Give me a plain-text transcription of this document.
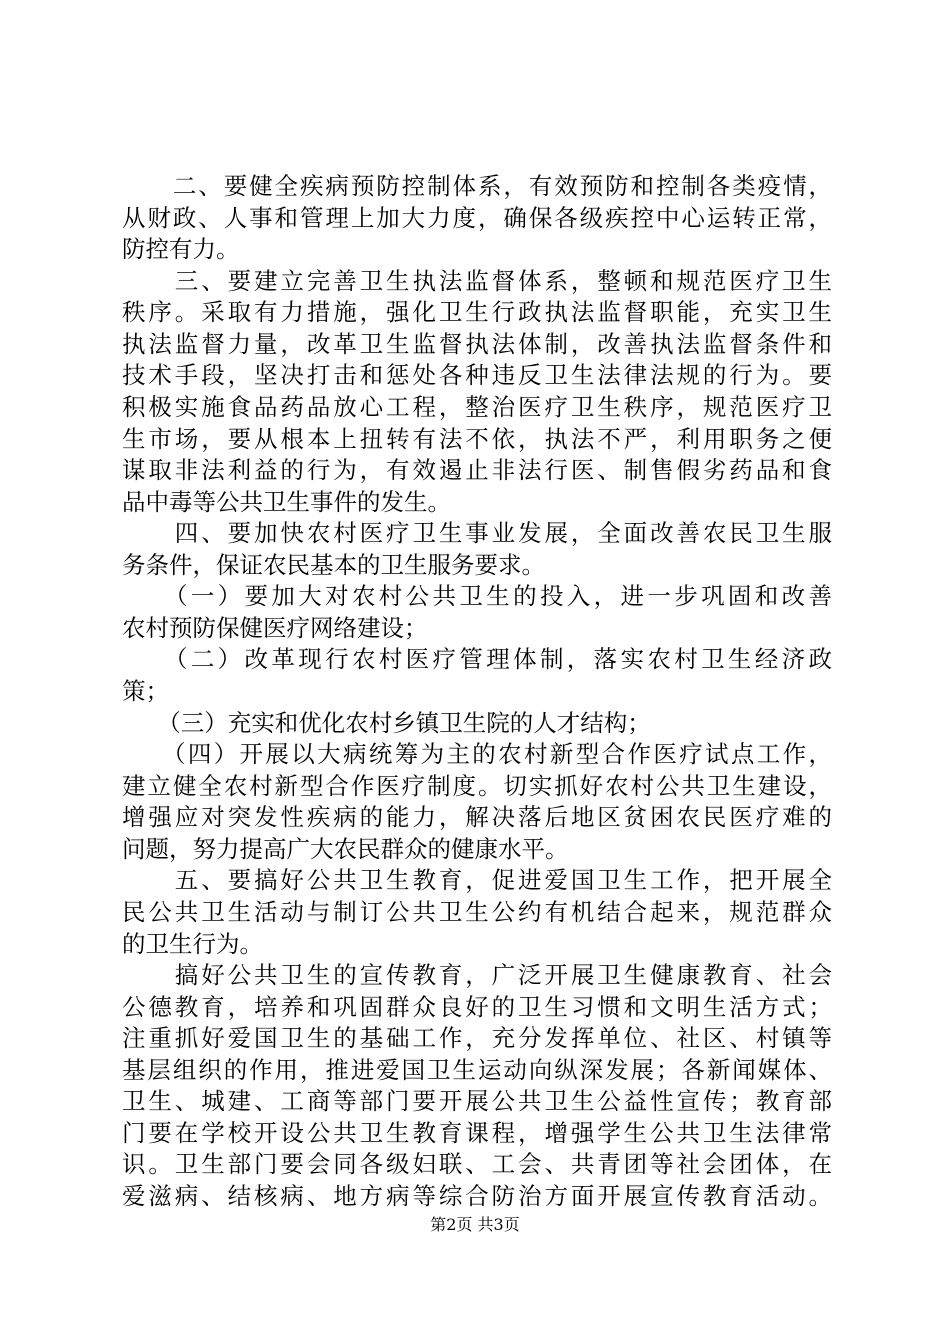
　　二、要健全疾病预防控制体系，有效预防和控制各类疫情，
从财政、人事和管理上加大力度，确保各级疾控中心运转正常，
防控有力。
　　三、要建立完善卫生执法监督体系，整顿和规范医疗卫生
秩序。采取有力措施，强化卫生行政执法监督职能，充实卫生
执法监督力量，改革卫生监督执法体制，改善执法监督条件和
技术手段，坚决打击和惩处各种违反卫生法律法规的行为。要
积极实施食品药品放心工程，整治医疗卫生秩序，规范医疗卫
生市场，要从根本上扭转有法不依，执法不严，利用职务之便
谋取非法利益的行为，有效遏止非法行医、制售假劣药品和食
品中毒等公共卫生事件的发生。
　　四、要加快农村医疗卫生事业发展，全面改善农民卫生服
务条件，保证农民基本的卫生服务要求。
　　（一）要加大对农村公共卫生的投入，进一步巩固和改善
农村预防保健医疗网络建设；
　　（二）改革现行农村医疗管理体制，落实农村卫生经济政
策；
　　（三）充实和优化农村乡镇卫生院的人才结构；
　　（四）开展以大病统筹为主的农村新型合作医疗试点工作，
建立健全农村新型合作医疗制度。切实抓好农村公共卫生建设，
增强应对突发性疾病的能力，解决落后地区贫困农民医疗难的
问题，努力提高广大农民群众的健康水平。
　　五、要搞好公共卫生教育，促进爱国卫生工作，把开展全
民公共卫生活动与制订公共卫生公约有机结合起来，规范群众
的卫生行为。
　　搞好公共卫生的宣传教育，广泛开展卫生健康教育、社会
公德教育，培养和巩固群众良好的卫生习惯和文明生活方式；
注重抓好爱国卫生的基础工作，充分发挥单位、社区、村镇等
基层组织的作用，推进爱国卫生运动向纵深发展；各新闻媒体、
卫生、城建、工商等部门要开展公共卫生公益性宣传；教育部
门要在学校开设公共卫生教育课程，增强学生公共卫生法律常
识。卫生部门要会同各级妇联、工会、共青团等社会团体，在
爱滋病、结核病、地方病等综合防治方面开展宣传教育活动。
第2页 共3页
